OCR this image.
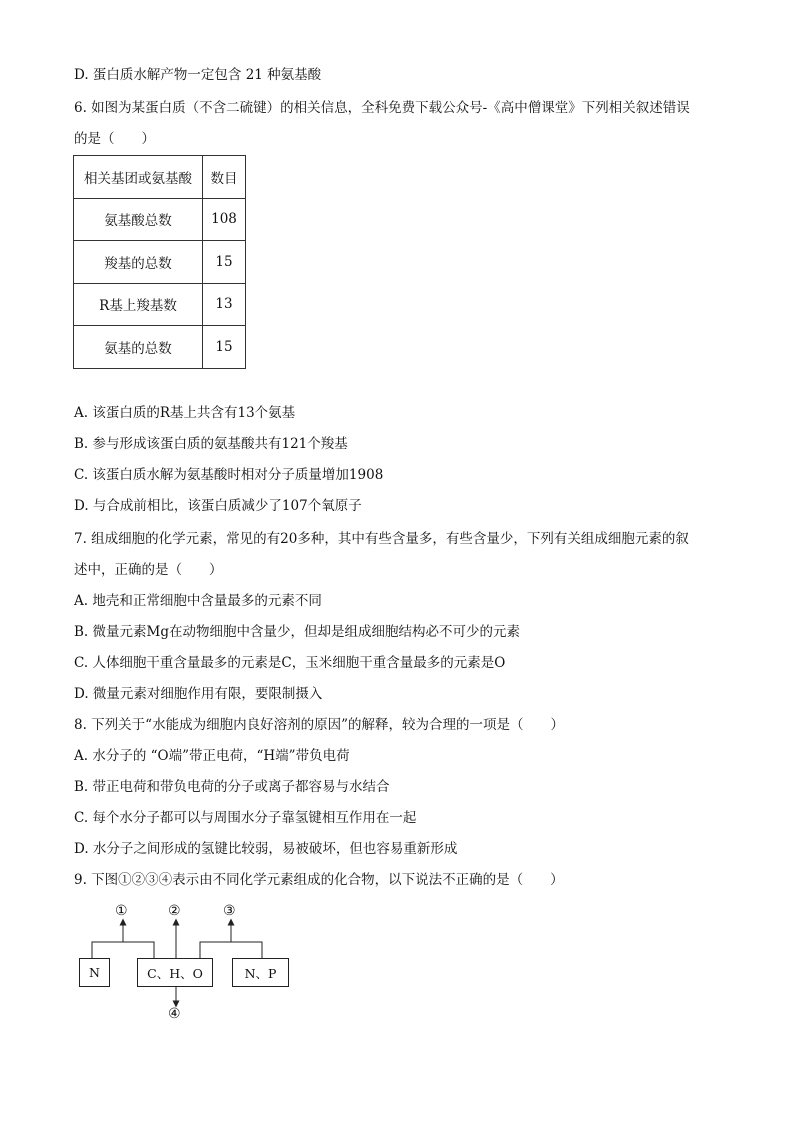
D. 蛋白质水解产物一定包含 21 种氨基酸
6. 如图为某蛋白质（不含二硫键）的相关信息，全科免费下载公众号-《高中僧课堂》下列相关叙述错误
的是（　　）
相关基团或氨基酸	数目
氨基酸总数	108
羧基的总数	15
R基上羧基数	13
氨基的总数	15
A. 该蛋白质的R基上共含有13个氨基
B. 参与形成该蛋白质的氨基酸共有121个羧基
C. 该蛋白质水解为氨基酸时相对分子质量增加1908
D. 与合成前相比，该蛋白质减少了107个氧原子
7. 组成细胞的化学元素，常见的有20多种，其中有些含量多，有些含量少，下列有关组成细胞元素的叙
述中，正确的是（　　）
A. 地壳和正常细胞中含量最多的元素不同
B. 微量元素Mg在动物细胞中含量少，但却是组成细胞结构必不可少的元素
C. 人体细胞干重含量最多的元素是C，玉米细胞干重含量最多的元素是O
D. 微量元素对细胞作用有限，要限制摄入
8. 下列关于“水能成为细胞内良好溶剂的原因”的解释，较为合理的一项是（　　）
A. 水分子的 “O端”带正电荷，“H端”带负电荷
B. 带正电荷和带负电荷的分子或离子都容易与水结合
C. 每个水分子都可以与周围水分子靠氢键相互作用在一起
D. 水分子之间形成的氢键比较弱，易被破坏，但也容易重新形成
9. 下图①②③④表示由不同化学元素组成的化合物，以下说法不正确的是（　　）
N	C、H、O	N、P
①	②	③
④
